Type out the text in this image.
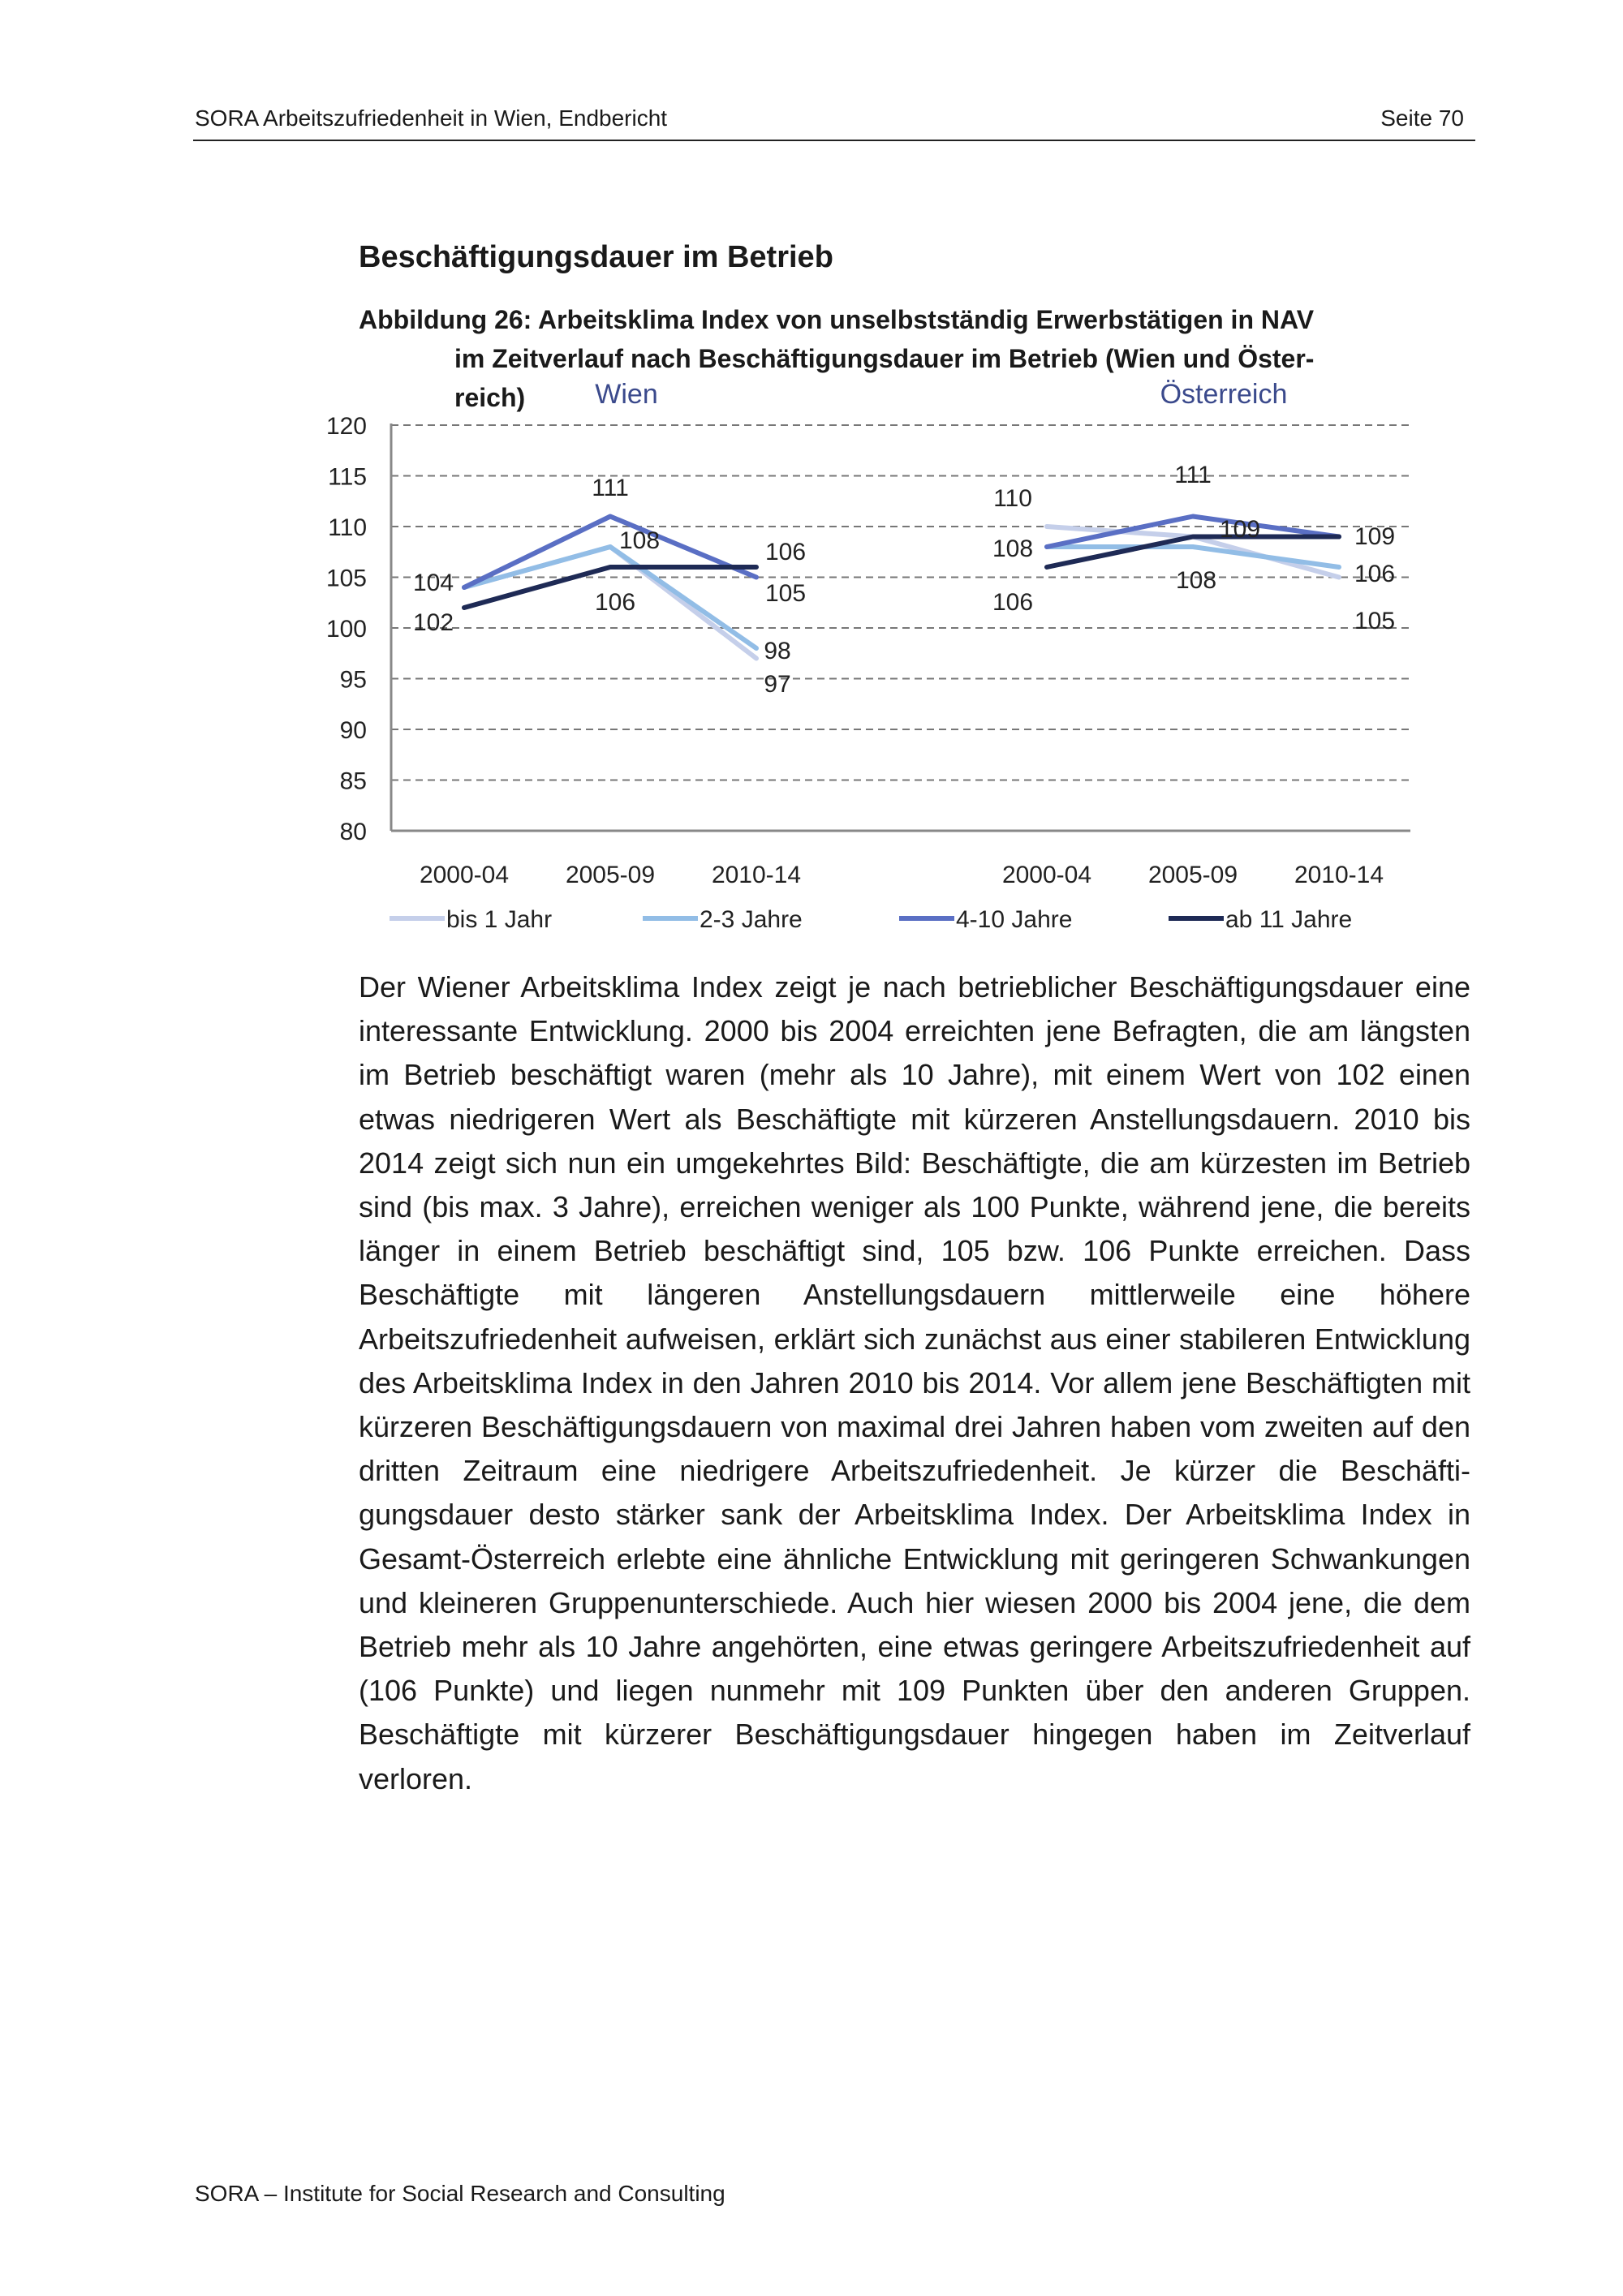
SORA Arbeitszufriedenheit in Wien, Endbericht	Seite 70
Beschäftigungsdauer im Betrieb
Abbildung 26: Arbeitsklima Index von unselbstständig Erwerbstätigen in NAV
im Zeitverlauf nach Beschäftigungsdauer im Betrieb (Wien und Öster-
reich)
80
85
90
95
100
105
110
115
120
Wien	Österreich
2000-04 2005-09 2010-14	2000-04 2005-09 2010-14
104
102
111
108
106
106
105
98
97
110
108
106
111
109
108
109
106
105
bis 1 Jahr	2-3 Jahre	4-10 Jahre	ab 11 Jahre
Der Wiener Arbeitsklima Index zeigt je nach betrieblicher Beschäftigungsdauer eine interessante Entwicklung. 2000 bis 2004 erreichten jene Befragten, die am längsten im Betrieb beschäftigt waren (mehr als 10 Jahre), mit einem Wert von 102 einen etwas niedrigeren Wert als Beschäftigte mit kürzeren Anstellungsdauern. 2010 bis 2014 zeigt sich nun ein umgekehrtes Bild: Beschäftigte, die am kürzesten im Betrieb sind (bis max. 3 Jahre), erreichen weniger als 100 Punkte, während jene, die bereits länger in einem Betrieb beschäftigt sind, 105 bzw. 106 Punkte erreichen. Dass Beschäftigte mit längeren Anstellungsdauern mittlerweile eine höhere Arbeitszufriedenheit aufweisen, erklärt sich zunächst aus einer stabileren Entwicklung des Arbeitsklima Index in den Jahren 2010 bis 2014. Vor allem jene Beschäftigten mit kürzeren Beschäftigungsdauern von maximal drei Jahren haben vom zweiten auf den dritten Zeitraum eine niedrigere Arbeitszufriedenheit. Je kürzer die Beschäftigungsdauer desto stärker sank der Arbeitsklima Index. Der Arbeitsklima Index in Gesamt-Österreich erlebte eine ähnliche Entwicklung mit geringeren Schwankungen und kleineren Gruppenunterschiede. Auch hier wiesen 2000 bis 2004 jene, die dem Betrieb mehr als 10 Jahre angehörten, eine etwas geringere Arbeitszufriedenheit auf (106 Punkte) und liegen nunmehr mit 109 Punkten über den anderen Gruppen. Beschäftigte mit kürzerer Beschäftigungsdauer hingegen haben im Zeitverlauf verloren.
SORA – Institute for Social Research and Consulting
